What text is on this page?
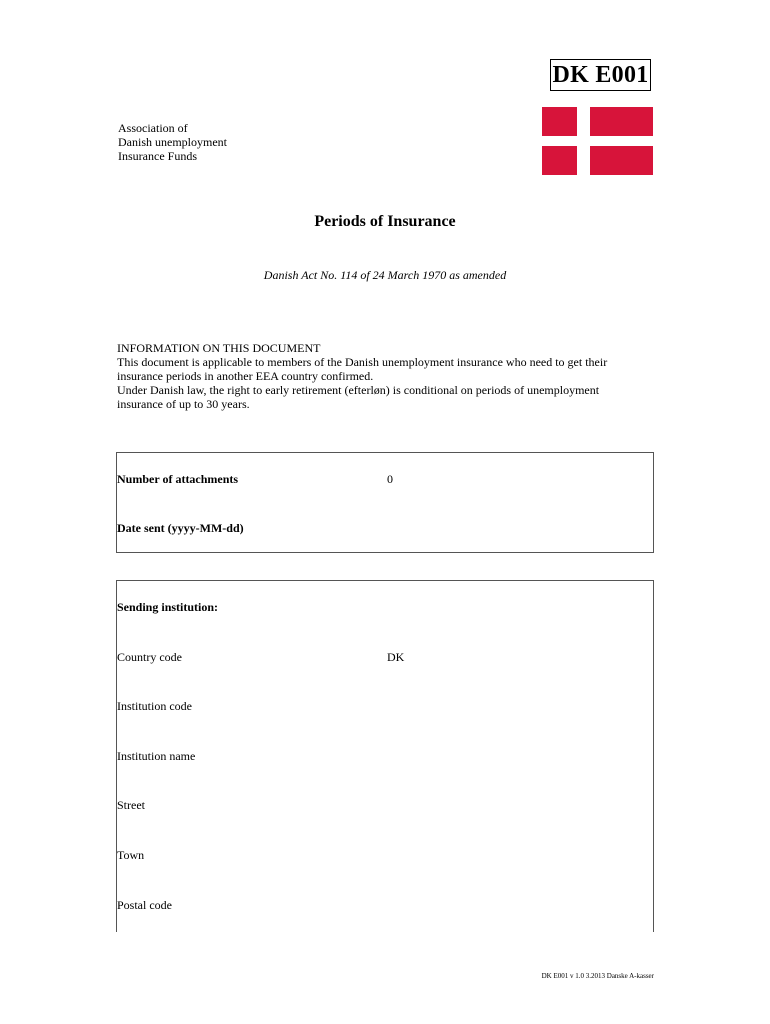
DK E001
Association of
Danish unemployment
Insurance Funds
Periods of Insurance
Danish Act No. 114 of 24 March 1970 as amended
INFORMATION ON THIS DOCUMENT
This document is applicable to members of the Danish unemployment insurance who need to get their
insurance periods in another EEA country confirmed.
Under Danish law, the right to early retirement (efterløn) is conditional on periods of unemployment
insurance of up to 30 years.
Number of attachments	0
Date sent (yyyy-MM-dd)
Sending institution:
Country code	DK
Institution code
Institution name
Street
Town
Postal code
DK E001 v 1.0 3.2013 Danske A-kasser
